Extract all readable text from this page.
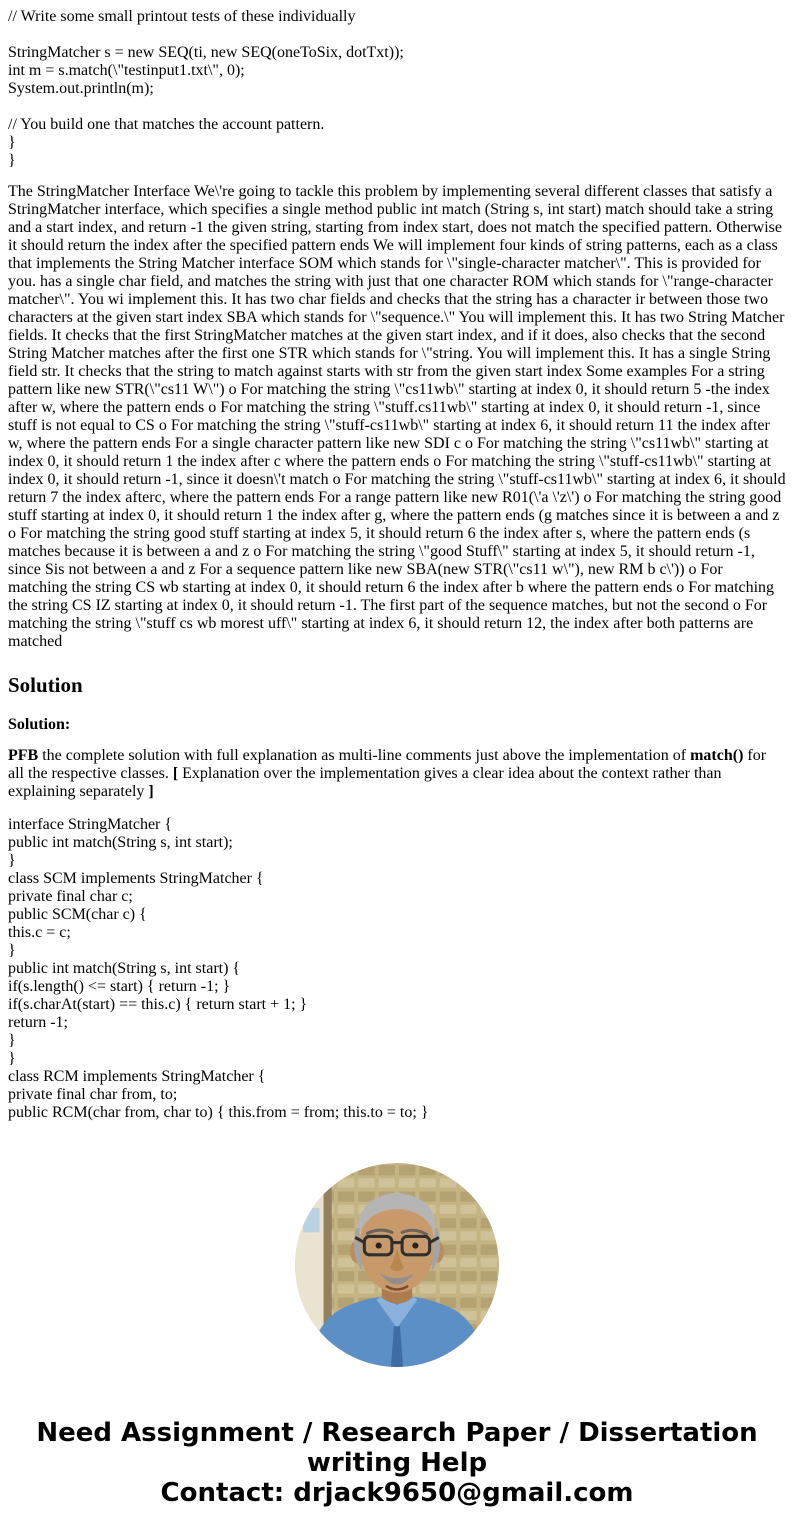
// Write some small printout tests of these individually
StringMatcher s = new SEQ(ti, new SEQ(oneToSix, dotTxt));
int m = s.match(\"testinput1.txt\", 0);
System.out.println(m);
// You build one that matches the account pattern.
}
}

The StringMatcher Interface We\'re going to tackle this problem by implementing several different classes that satisfy a StringMatcher interface, which specifies a single method public int match (String s, int start) match should take a string and a start index, and return -1 the given string, starting from index start, does not match the specified pattern. Otherwise it should return the index after the specified pattern ends We will implement four kinds of string patterns, each as a class that implements the String Matcher interface SOM which stands for \"single-character matcher\". This is provided for you. has a single char field, and matches the string with just that one character ROM which stands for \"range-character matcher\". You wi implement this. It has two char fields and checks that the string has a character ir between those two characters at the given start index SBA which stands for \"sequence.\" You will implement this. It has two String Matcher fields. It checks that the first StringMatcher matches at the given start index, and if it does, also checks that the second String Matcher matches after the first one STR which stands for \"string. You will implement this. It has a single String field str. It checks that the string to match against starts with str from the given start index Some examples For a string pattern like new STR(\"cs11 W\") o For matching the string \"cs11wb\" starting at index 0, it should return 5 -the index after w, where the pattern ends o For matching the string \"stuff.cs11wb\" starting at index 0, it should return -1, since stuff is not equal to CS o For matching the string \"stuff-cs11wb\" starting at index 6, it should return 11 the index after w, where the pattern ends For a single character pattern like new SDI c o For matching the string \"cs11wb\" starting at index 0, it should return 1 the index after c where the pattern ends o For matching the string \"stuff-cs11wb\" starting at index 0, it should return -1, since it doesn\'t match o For matching the string \"stuff-cs11wb\" starting at index 6, it should return 7 the index afterc, where the pattern ends For a range pattern like new R01(\'a \'z\') o For matching the string good stuff starting at index 0, it should return 1 the index after g, where the pattern ends (g matches since it is between a and z o For matching the string good stuff starting at index 5, it should return 6 the index after s, where the pattern ends (s matches because it is between a and z o For matching the string \"good Stuff\" starting at index 5, it should return -1, since Sis not between a and z For a sequence pattern like new SBA(new STR(\"cs11 w\"), new RM b c\')) o For matching the string CS wb starting at index 0, it should return 6 the index after b where the pattern ends o For matching the string CS IZ starting at index 0, it should return -1. The first part of the sequence matches, but not the second o For matching the string \"stuff cs wb morest uff\" starting at index 6, it should return 12, the index after both patterns are matched

Solution

Solution:

PFB the complete solution with full explanation as multi-line comments just above the implementation of match() for all the respective classes. [ Explanation over the implementation gives a clear idea about the context rather than explaining separately ]

interface StringMatcher {
public int match(String s, int start);
}
class SCM implements StringMatcher {
private final char c;
public SCM(char c) {
this.c = c;
}
public int match(String s, int start) {
if(s.length() <= start) { return -1; }
if(s.charAt(start) == this.c) { return start + 1; }
return -1;
}
}
class RCM implements StringMatcher {
private final char from, to;
public RCM(char from, char to) { this.from = from; this.to = to; }
Need Assignment / Research Paper / Dissertation writing Help
Contact: drjack9650@gmail.com
